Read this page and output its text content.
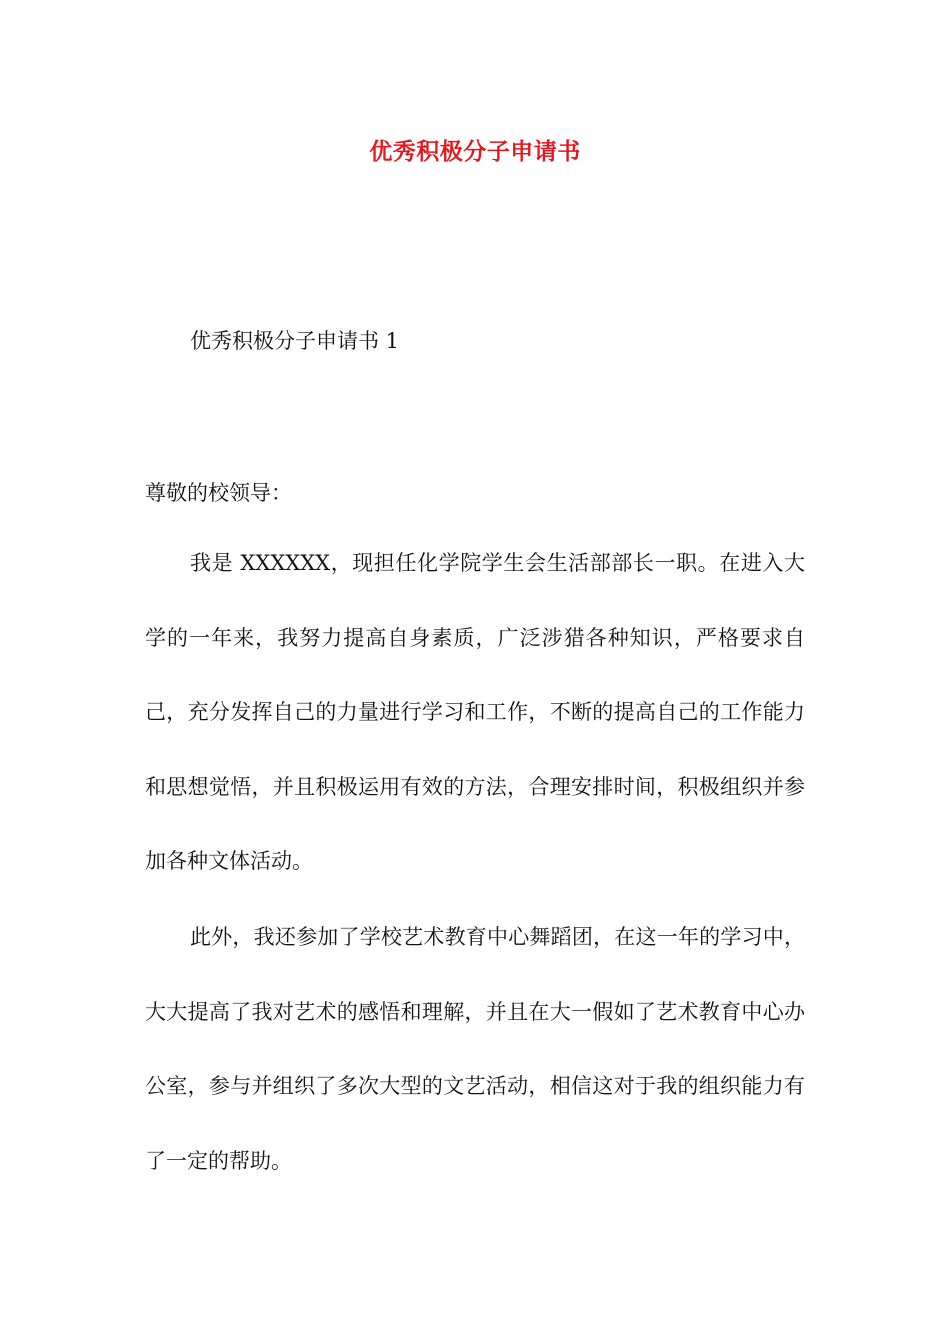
优秀积极分子申请书
优秀积极分子申请书 1
尊敬的校领导：

我是 XXXXXX，现担任化学院学生会生活部部长一职。在进入大学的一年来，我努力提高自身素质，广泛涉猎各种知识，严格要求自己，充分发挥自己的力量进行学习和工作，不断的提高自己的工作能力和思想觉悟，并且积极运用有效的方法，合理安排时间，积极组织并参加各种文体活动。

此外，我还参加了学校艺术教育中心舞蹈团，在这一年的学习中，大大提高了我对艺术的感悟和理解，并且在大一假如了艺术教育中心办公室，参与并组织了多次大型的文艺活动，相信这对于我的组织能力有了一定的帮助。
